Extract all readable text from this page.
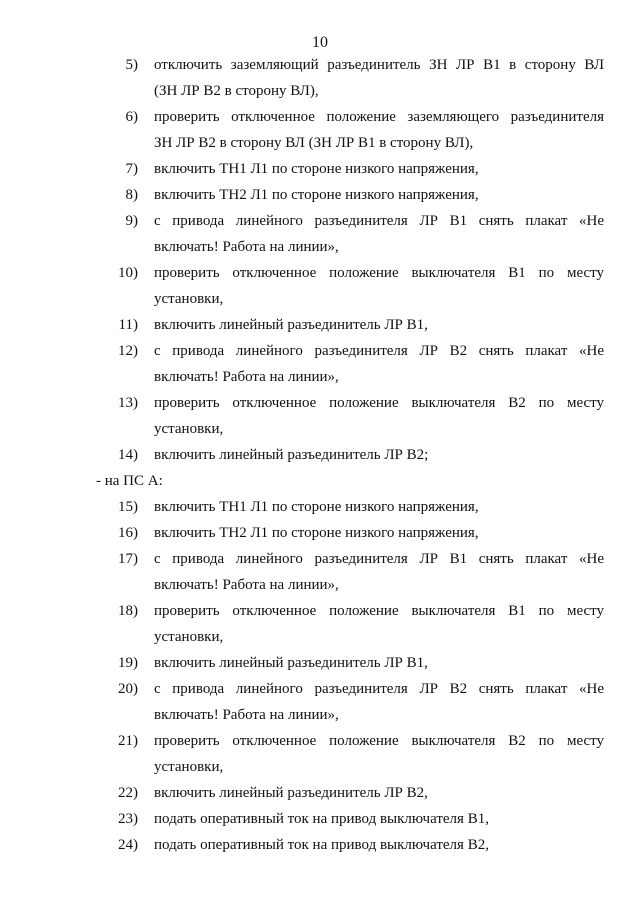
10
5) отключить заземляющий разъединитель ЗН ЛР В1 в сторону ВЛ
(ЗН ЛР В2 в сторону ВЛ),
6) проверить отключенное положение заземляющего разъединителя
ЗН ЛР В2 в сторону ВЛ (ЗН ЛР В1 в сторону ВЛ),
7) включить ТН1 Л1 по стороне низкого напряжения,
8) включить ТН2 Л1 по стороне низкого напряжения,
9) с привода линейного разъединителя ЛР В1 снять плакат «Не
включать! Работа на линии»,
10) проверить отключенное положение выключателя В1 по месту
установки,
11) включить линейный разъединитель ЛР В1,
12) с привода линейного разъединителя ЛР В2 снять плакат «Не
включать! Работа на линии»,
13) проверить отключенное положение выключателя В2 по месту
установки,
14) включить линейный разъединитель ЛР В2;
- на ПС А:
15) включить ТН1 Л1 по стороне низкого напряжения,
16) включить ТН2 Л1 по стороне низкого напряжения,
17) с привода линейного разъединителя ЛР В1 снять плакат «Не
включать! Работа на линии»,
18) проверить отключенное положение выключателя В1 по месту
установки,
19) включить линейный разъединитель ЛР В1,
20) с привода линейного разъединителя ЛР В2 снять плакат «Не
включать! Работа на линии»,
21) проверить отключенное положение выключателя В2 по месту
установки,
22) включить линейный разъединитель ЛР В2,
23) подать оперативный ток на привод выключателя В1,
24) подать оперативный ток на привод выключателя В2,
